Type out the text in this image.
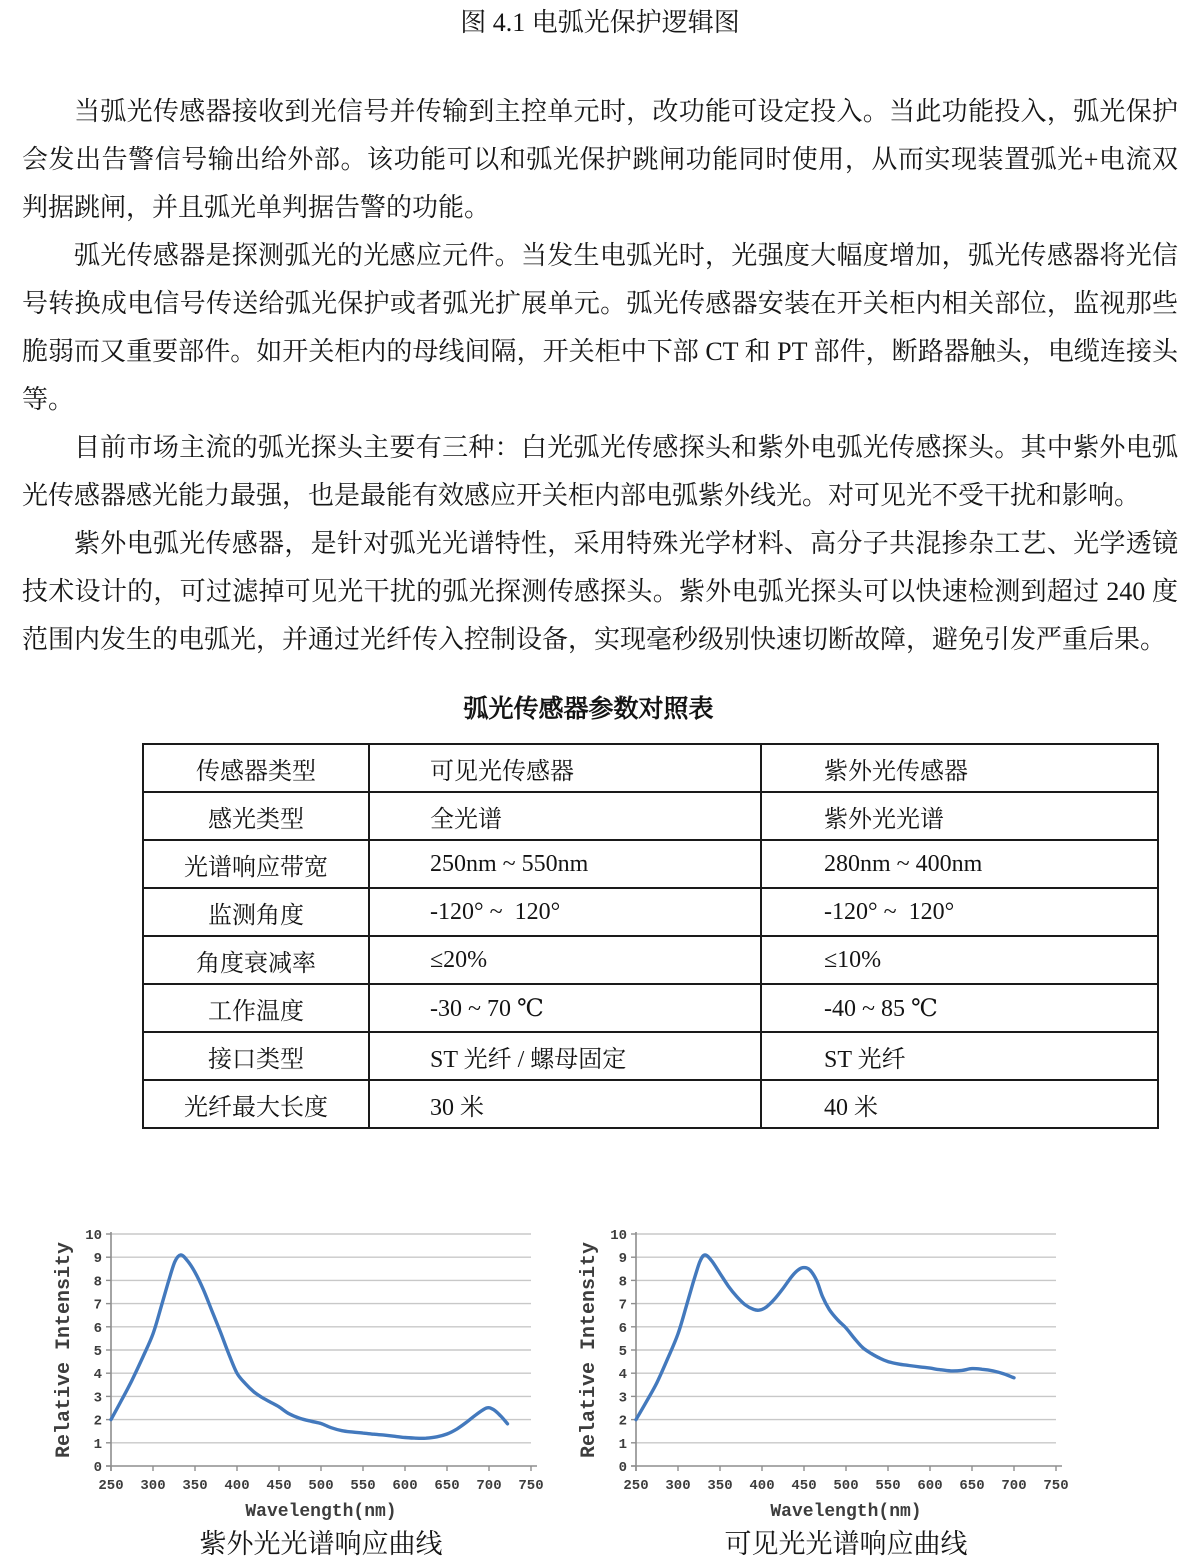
图 4.1 电弧光保护逻辑图

当弧光传感器接收到光信号并传输到主控单元时，改功能可设定投入。当此功能投入，弧光保护会发出告警信号输出给外部。该功能可以和弧光保护跳闸功能同时使用，从而实现装置弧光+电流双判据跳闸，并且弧光单判据告警的功能。

弧光传感器是探测弧光的光感应元件。当发生电弧光时，光强度大幅度增加，弧光传感器将光信号转换成电信号传送给弧光保护或者弧光扩展单元。弧光传感器安装在开关柜内相关部位，监视那些脆弱而又重要部件。如开关柜内的母线间隔，开关柜中下部 CT 和 PT 部件，断路器触头，电缆连接头等。

目前市场主流的弧光探头主要有三种：白光弧光传感探头和紫外电弧光传感探头。其中紫外电弧光传感器感光能力最强，也是最能有效感应开关柜内部电弧紫外线光。对可见光不受干扰和影响。

紫外电弧光传感器，是针对弧光光谱特性，采用特殊光学材料、高分子共混掺杂工艺、光学透镜技术设计的，可过滤掉可见光干扰的弧光探测传感探头。紫外电弧光探头可以快速检测到超过 240 度范围内发生的电弧光，并通过光纤传入控制设备，实现毫秒级别快速切断故障，避免引发严重后果。

弧光传感器参数对照表
传感器类型	可见光传感器	紫外光传感器
感光类型	全光谱	紫外光光谱
光谱响应带宽	250nm ~ 550nm	280nm ~ 400nm
监测角度	-120° ~  120°	-120° ~  120°
角度衰减率	≤20%	≤10%
工作温度	-30 ~ 70 ℃	-40 ~ 85 ℃
接口类型	ST 光纤 / 螺母固定	ST 光纤
光纤最大长度	30 米	40 米
0
1
2
3
4
5
6
7
8
9
10
250 300 350 400 450 500 550 600 650 700 750
Wavelength(nm)
Relative Intensity
紫外光光谱响应曲线
0
1
2
3
4
5
6
7
8
9
10
250 300 350 400 450 500 550 600 650 700 750
Wavelength(nm)
Relative Intensity
可见光光谱响应曲线
